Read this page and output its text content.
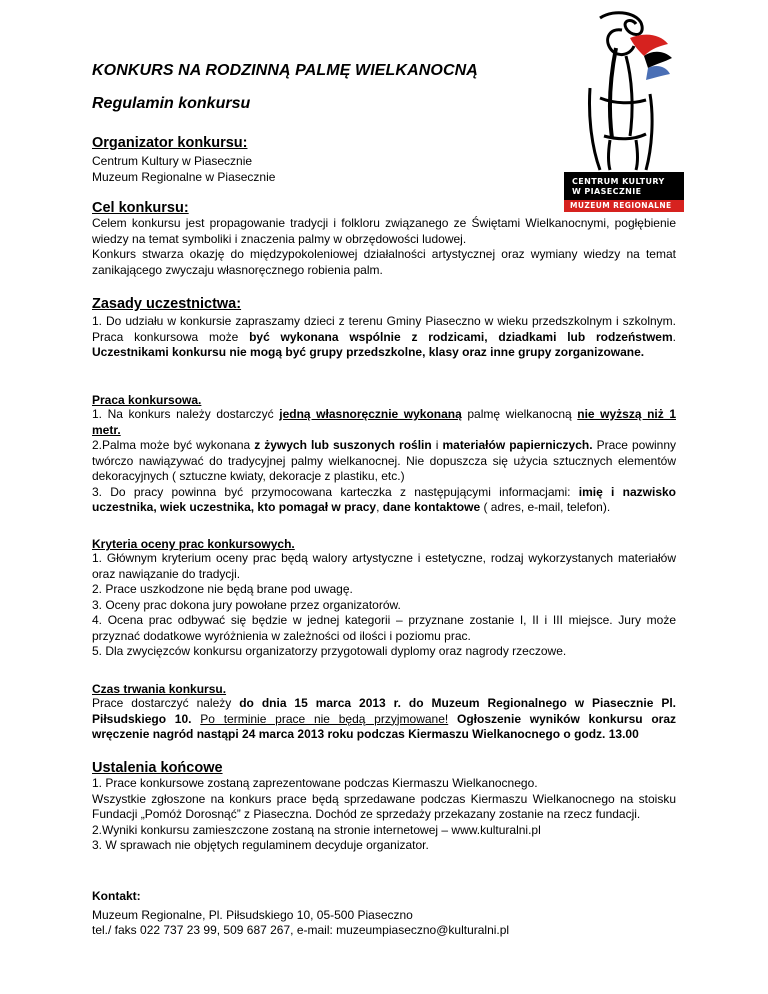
CENTRUM KULTURY
W PIASECZNIE
MUZEUM REGIONALNE
KONKURS NA RODZINNĄ PALMĘ WIELKANOCNĄ
Regulamin konkursu
Organizator konkursu:

Centrum Kultury w Piasecznie

Muzeum Regionalne w Piasecznie

Cel konkursu:

Celem konkursu jest propagowanie tradycji i folkloru związanego ze Świętami Wielkanocnymi, pogłębienie wiedzy na temat symboliki i znaczenia palmy w obrzędowości ludowej.

Konkurs stwarza okazję do międzypokoleniowej działalności artystycznej oraz wymiany wiedzy na temat zanikającego zwyczaju własnoręcznego robienia palm.

Zasady uczestnictwa:

1. Do udziału w konkursie zapraszamy dzieci z terenu Gminy Piaseczno w wieku przedszkolnym i szkolnym. Praca konkursowa może być wykonana wspólnie z rodzicami, dziadkami lub rodzeństwem. Uczestnikami konkursu nie mogą być grupy przedszkolne, klasy oraz inne grupy zorganizowane.

Praca konkursowa.

1. Na konkurs należy dostarczyć jedną własnoręcznie wykonaną palmę wielkanocną nie wyższą niż 1 metr.

2.Palma może być wykonana z żywych lub suszonych roślin i materiałów papierniczych. Prace powinny twórczo nawiązywać do tradycyjnej palmy wielkanocnej. Nie dopuszcza się użycia sztucznych elementów dekoracyjnych ( sztuczne kwiaty, dekoracje z plastiku, etc.)

3. Do pracy powinna być przymocowana karteczka z następującymi informacjami: imię i nazwisko uczestnika, wiek uczestnika, kto pomagał w pracy, dane kontaktowe ( adres, e-mail, telefon).

Kryteria oceny prac konkursowych.

1. Głównym kryterium oceny prac będą walory artystyczne i estetyczne, rodzaj wykorzystanych materiałów oraz nawiązanie do tradycji.

2. Prace uszkodzone nie będą brane pod uwagę.

3. Oceny prac dokona jury powołane przez organizatorów.

4. Ocena prac odbywać się będzie w jednej kategorii – przyznane zostanie I, II i III miejsce. Jury może przyznać dodatkowe wyróżnienia w zależności od ilości i poziomu prac.

5. Dla zwycięzców konkursu organizatorzy przygotowali dyplomy oraz nagrody rzeczowe.

Czas trwania konkursu.

Prace dostarczyć należy do dnia 15 marca 2013 r. do Muzeum Regionalnego w Piasecznie Pl. Piłsudskiego 10. Po terminie prace nie będą przyjmowane! Ogłoszenie wyników konkursu oraz wręczenie nagród nastąpi 24 marca 2013 roku podczas Kiermaszu Wielkanocnego o godz. 13.00

Ustalenia końcowe

1. Prace konkursowe zostaną zaprezentowane podczas Kiermaszu Wielkanocnego.

Wszystkie zgłoszone na konkurs prace będą sprzedawane podczas Kiermaszu Wielkanocnego na stoisku Fundacji „Pomóż Dorosnąć” z Piaseczna. Dochód ze sprzedaży przekazany zostanie na rzecz fundacji.

2.Wyniki konkursu zamieszczone zostaną na stronie internetowej – www.kulturalni.pl

3. W sprawach nie objętych regulaminem decyduje organizator.

Kontakt:

Muzeum Regionalne, Pl. Piłsudskiego 10, 05-500 Piaseczno

tel./ faks 022 737 23 99, 509 687 267, e-mail: muzeumpiaseczno@kulturalni.pl
